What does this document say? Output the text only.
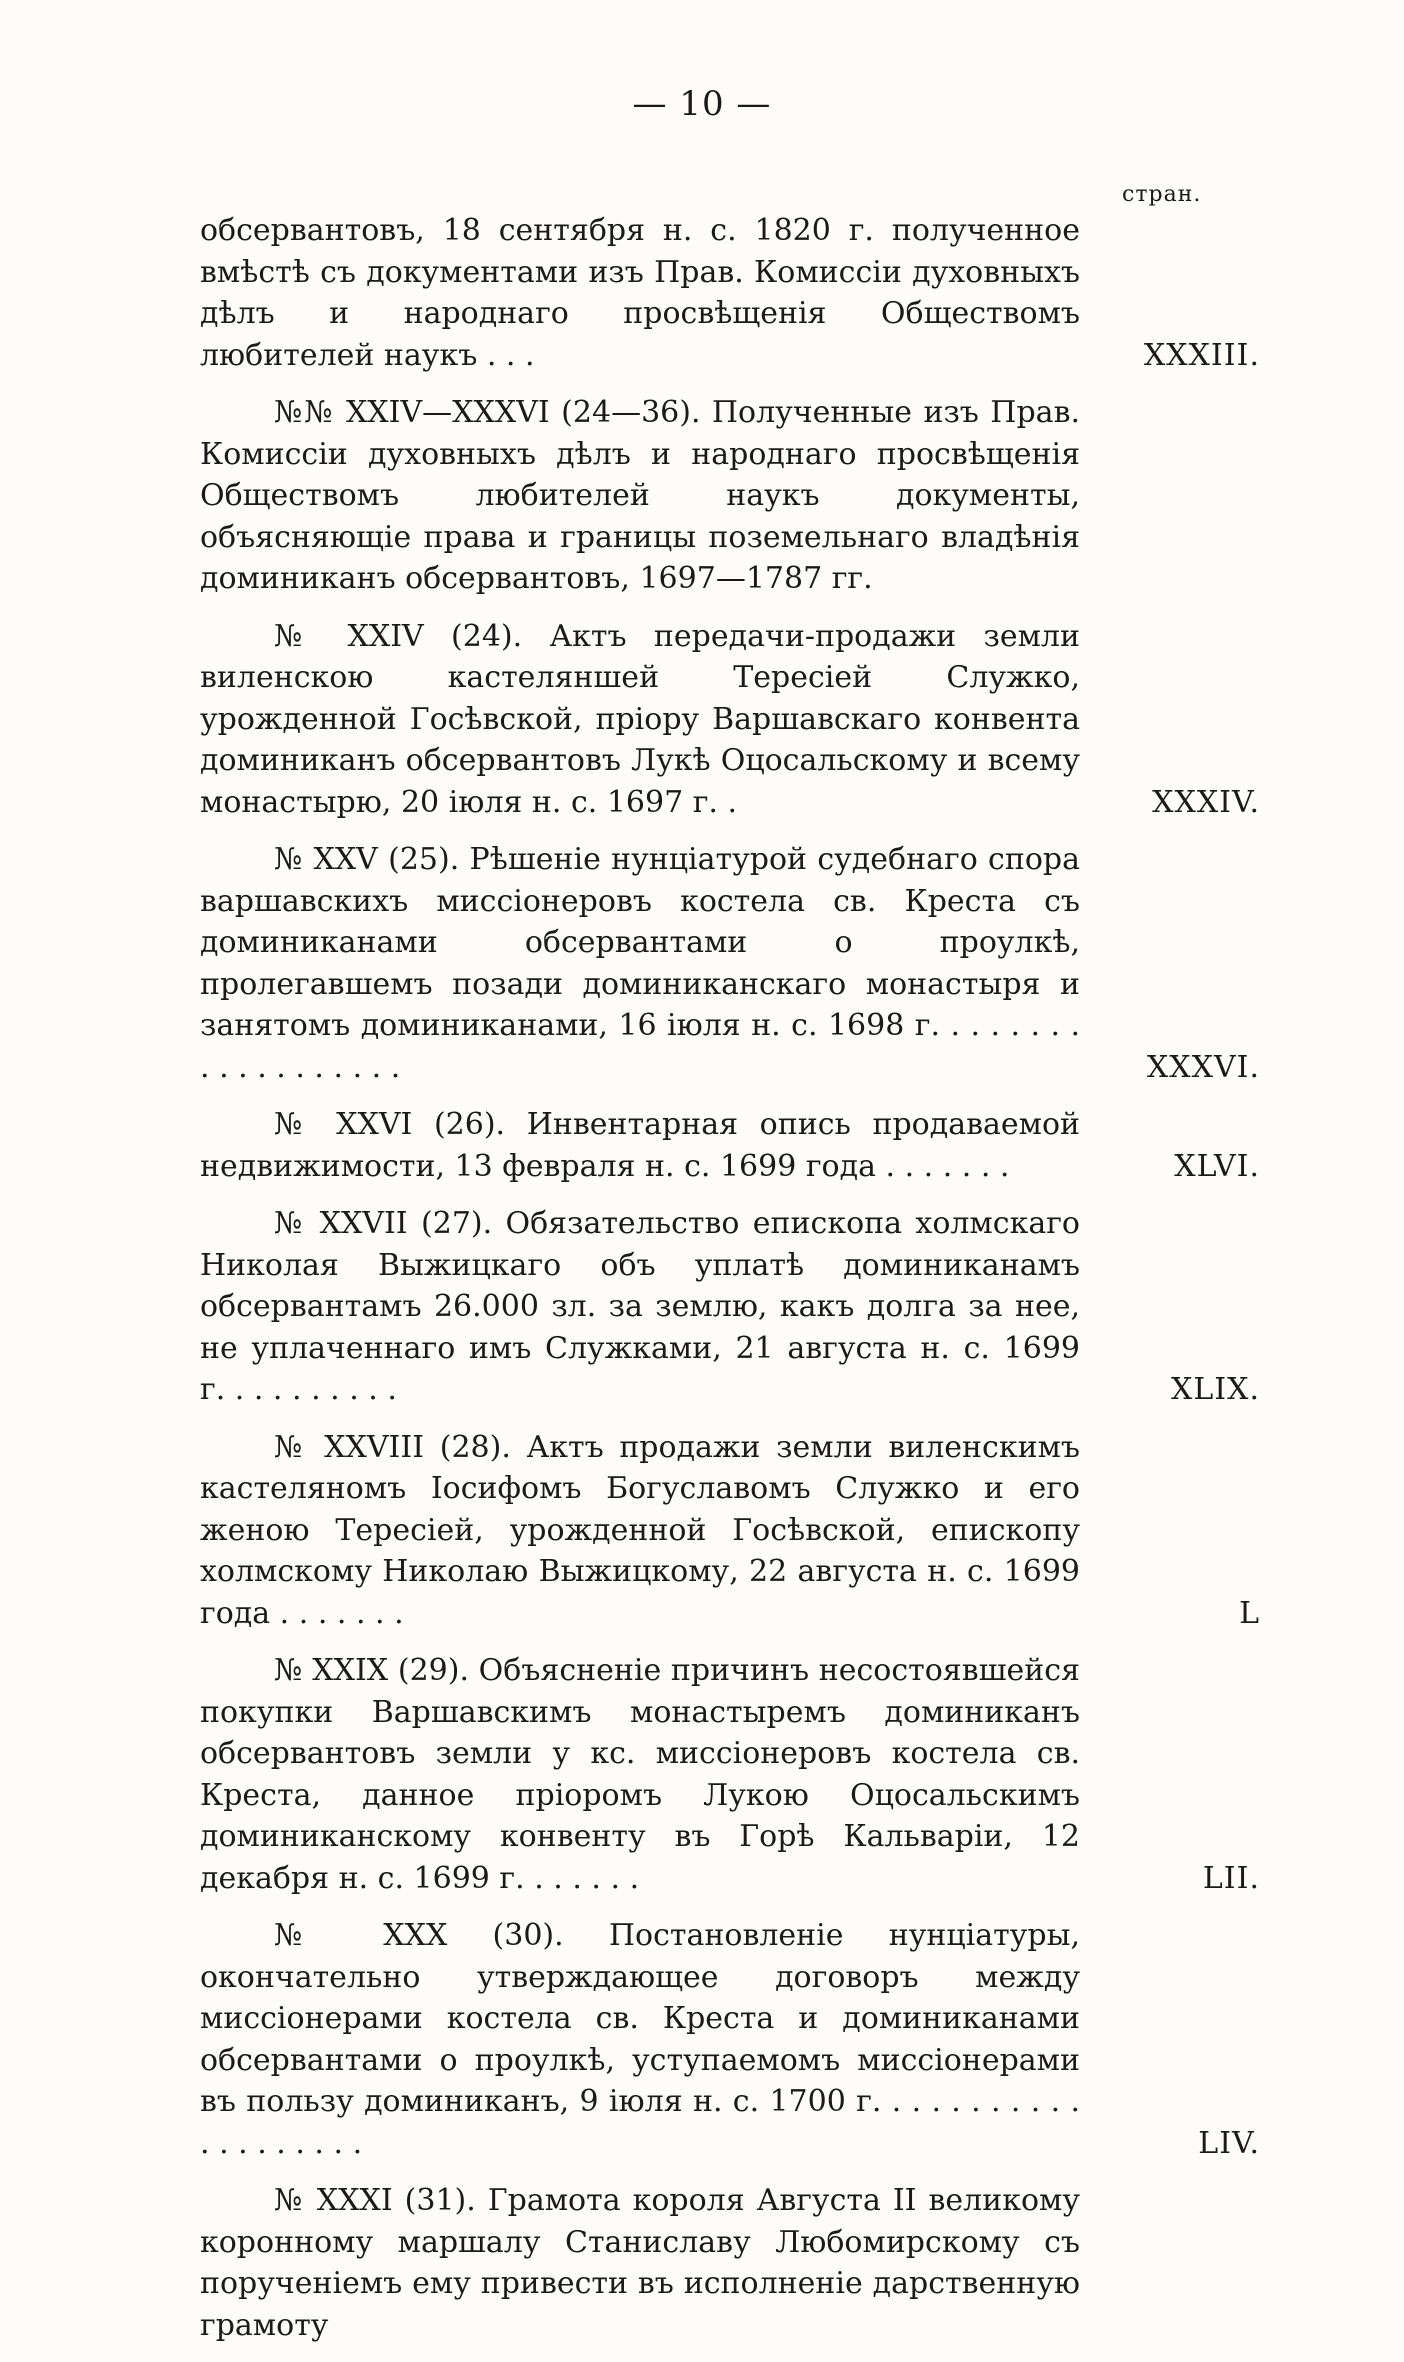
— 10 —
стран.
обсервантовъ, 18 сентября н. с. 1820 г. полученное вмѣстѣ съ документами изъ Прав. Комиссіи духовныхъ дѣлъ и народнаго просвѣщенія Обществомъ любителей наукъ . . .	XXXIII.
№№ XXIV—XXXVI (24—36). Полученные изъ Прав. Комиссіи духовныхъ дѣлъ и народнаго просвѣщенія Обществомъ любителей наукъ документы, объясняющіе права и границы поземельнаго владѣнія доминиканъ обсервантовъ, 1697—1787 гг.
№ XXIV (24). Актъ передачи-продажи земли виленскою кастеляншей Тересіей Служко, урожденной Госѣвской, пріору Варшавскаго конвента доминиканъ обсервантовъ Лукѣ Оцосальскому и всему монастырю, 20 іюля н. с. 1697 г. .	XXXIV.
№ XXV (25). Рѣшеніе нунціатурой судебнаго спора варшавскихъ миссіонеровъ костела св. Креста съ доминиканами обсервантами о проулкѣ, пролегавшемъ позади доминиканскаго монастыря и занятомъ доминиканами, 16 іюля н. с. 1698 г. . . . . . . . . . . . . . . . . . .	XXXVI.
№ XXVI (26). Инвентарная опись продаваемой недвижимости, 13 февраля н. с. 1699 года . . . . . . .	XLVI.
№ XXVII (27). Обязательство епископа холмскаго Николая Выжицкаго объ уплатѣ доминиканамъ обсервантамъ 26.000 зл. за землю, какъ долга за нее, не уплаченнаго имъ Служками, 21 августа н. с. 1699 г. . . . . . . . . .	XLIX.
№ XXVIII (28). Актъ продажи земли виленскимъ кастеляномъ Іосифомъ Богуславомъ Служко и его женою Тересіей, урожденной Госѣвской, епископу холмскому Николаю Выжицкому, 22 августа н. с. 1699 года . . . . . . .	L
№ XXIX (29). Объясненіе причинъ несостоявшейся покупки Варшавскимъ монастыремъ доминиканъ обсервантовъ земли у кс. миссіонеровъ костела св. Креста, данное пріоромъ Лукою Оцосальскимъ доминиканскому конвенту въ Горѣ Кальваріи, 12 декабря н. с. 1699 г. . . . . . .	LII.
№ XXX (30). Постановленіе нунціатуры, окончательно утверждающее договоръ между миссіонерами костела св. Креста и доминиканами обсервантами о проулкѣ, уступаемомъ миссіонерами въ пользу доминиканъ, 9 іюля н. с. 1700 г. . . . . . . . . . . . . . . . . . . .	LIV.
№ XXXI (31). Грамота короля Августа II великому коронному маршалу Станиславу Любомирскому съ порученіемъ ему привести въ исполненіе дарственную грамоту
